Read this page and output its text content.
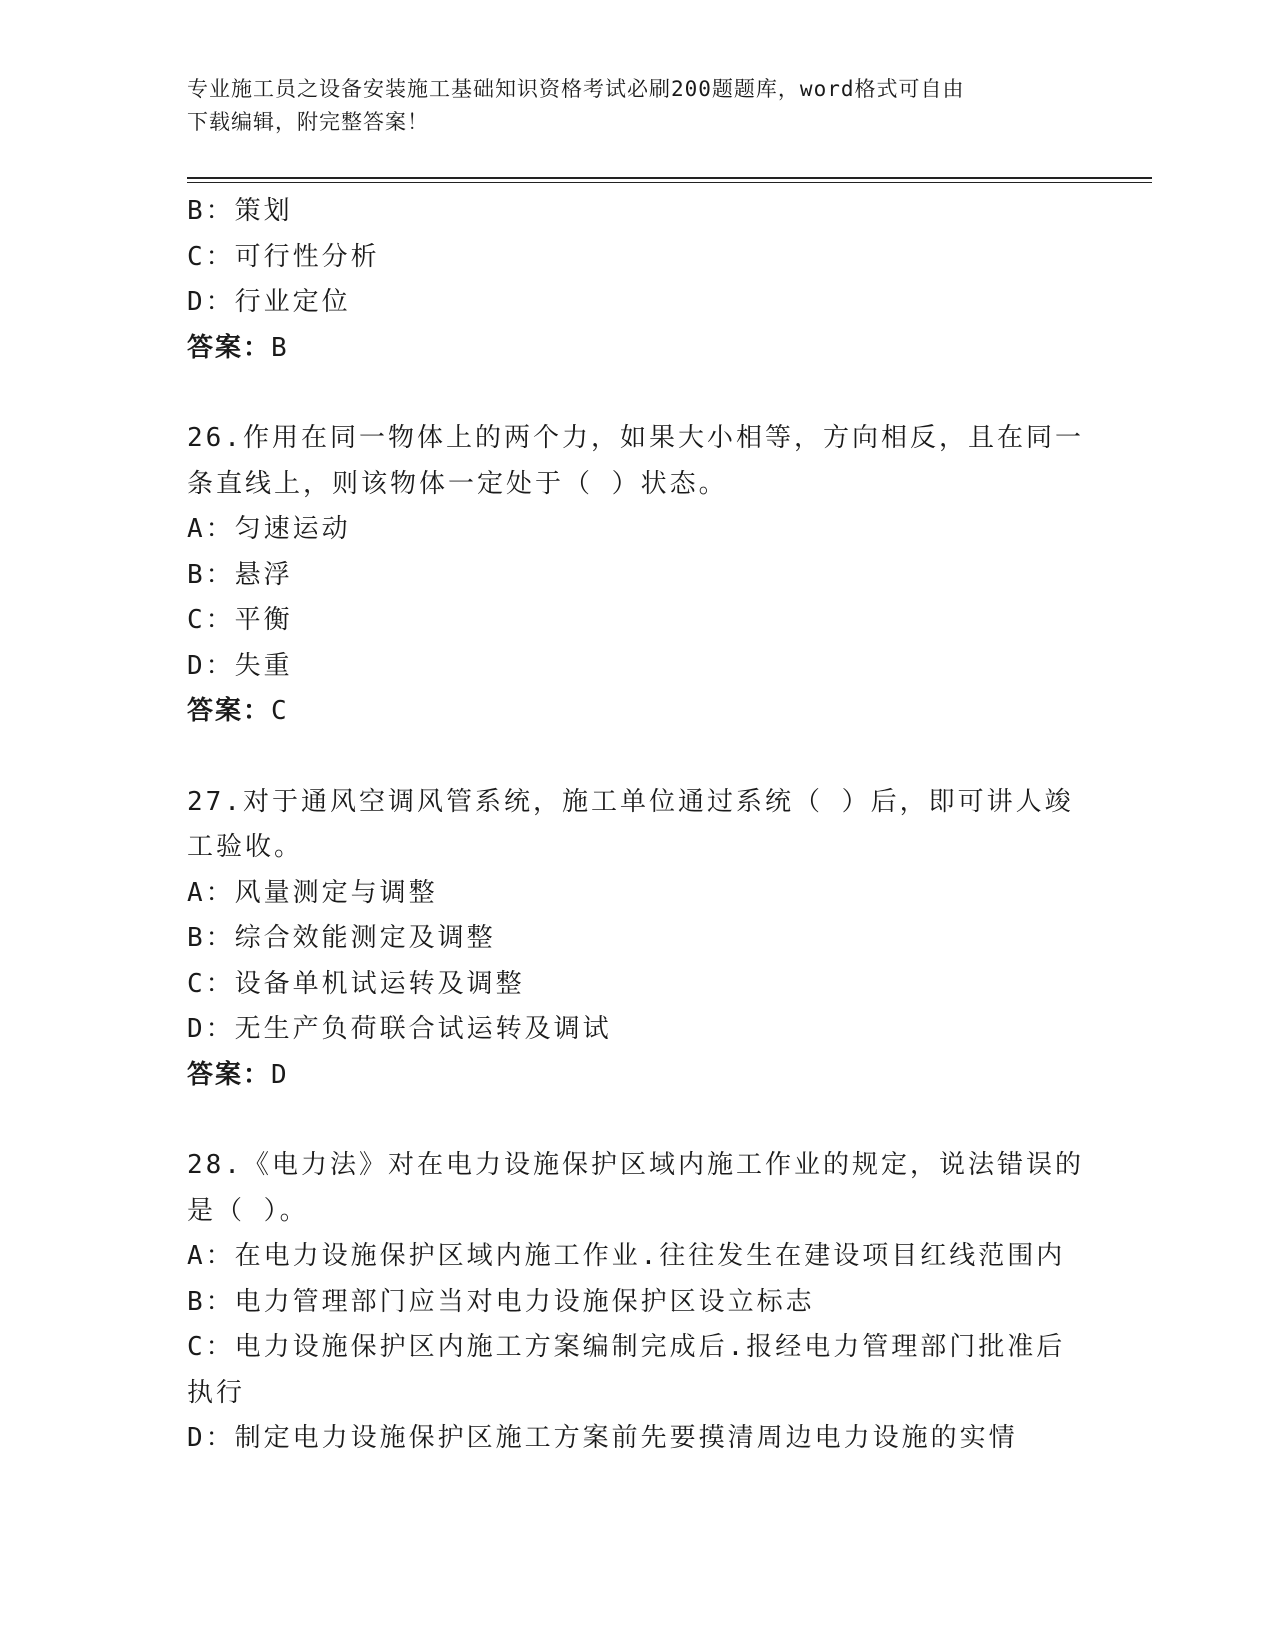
专业施工员之设备安装施工基础知识资格考试必刷200题题库，word格式可自由
下载编辑，附完整答案！
B：策划
C：可行性分析
D：行业定位
答案：B
26.作用在同一物体上的两个力，如果大小相等，方向相反，且在同一
条直线上，则该物体一定处于（ ）状态。
A：匀速运动
B：悬浮
C：平衡
D：失重
答案：C
27.对于通风空调风管系统，施工单位通过系统（ ）后，即可讲人竣
工验收。
A：风量测定与调整
B：综合效能测定及调整
C：设备单机试运转及调整
D：无生产负荷联合试运转及调试
答案：D
28.《电力法》对在电力设施保护区域内施工作业的规定，说法错误的
是（ ）。
A：在电力设施保护区域内施工作业.往往发生在建设项目红线范围内
B：电力管理部门应当对电力设施保护区设立标志
C：电力设施保护区内施工方案编制完成后.报经电力管理部门批准后
执行
D：制定电力设施保护区施工方案前先要摸清周边电力设施的实情
